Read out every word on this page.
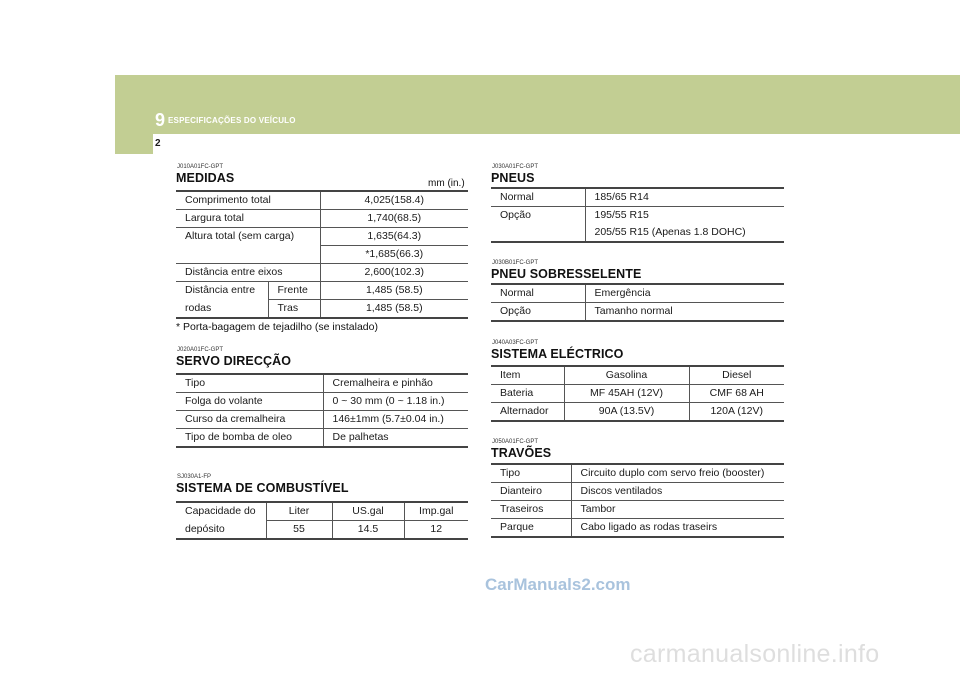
9 ESPECIFICAÇÕES DO VEÍCULO
2
J010A01FC-GPT
MEDIDAS	mm (in.)
Comprimento total		4,025(158.4)
Largura total		1,740(68.5)
Altura total (sem carga)		1,635(64.3)
		*1,685(66.3)
Distância entre eixos		2,600(102.3)
Distância entre	Frente	1,485 (58.5)
rodas	Tras	1,485 (58.5)
* Porta-bagagem de tejadilho (se instalado)
J020A01FC-GPT
SERVO DIRECÇÃO
Tipo	Cremalheira e pinhão
Folga do volante	0 ~ 30 mm (0 ~ 1.18 in.)
Curso da cremalheira	146±1mm (5.7±0.04 in.)
Tipo de bomba de oleo	De palhetas
SJ030A1-FP
SISTEMA DE COMBUSTÍVEL
Capacidade do	Liter	US.gal	Imp.gal
depósito	55	14.5	12
J030A01FC-GPT
PNEUS
Normal	185/65 R14
Opção	195/55 R15
	205/55 R15 (Apenas 1.8 DOHC)
J030B01FC-GPT
PNEU SOBRESSELENTE
Normal	Emergência
Opção	Tamanho normal
J040A03FC-GPT
SISTEMA ELÉCTRICO
Item	Gasolina	Diesel
Bateria	MF 45AH (12V)	CMF 68 AH
Alternador	90A (13.5V)	120A (12V)
J050A01FC-GPT
TRAVÕES
Tipo	Circuito duplo com servo freio (booster)
Dianteiro	Discos ventilados
Traseiros	Tambor
Parque	Cabo ligado as rodas traseirs
CarManuals2.com
carmanualsonline.info
